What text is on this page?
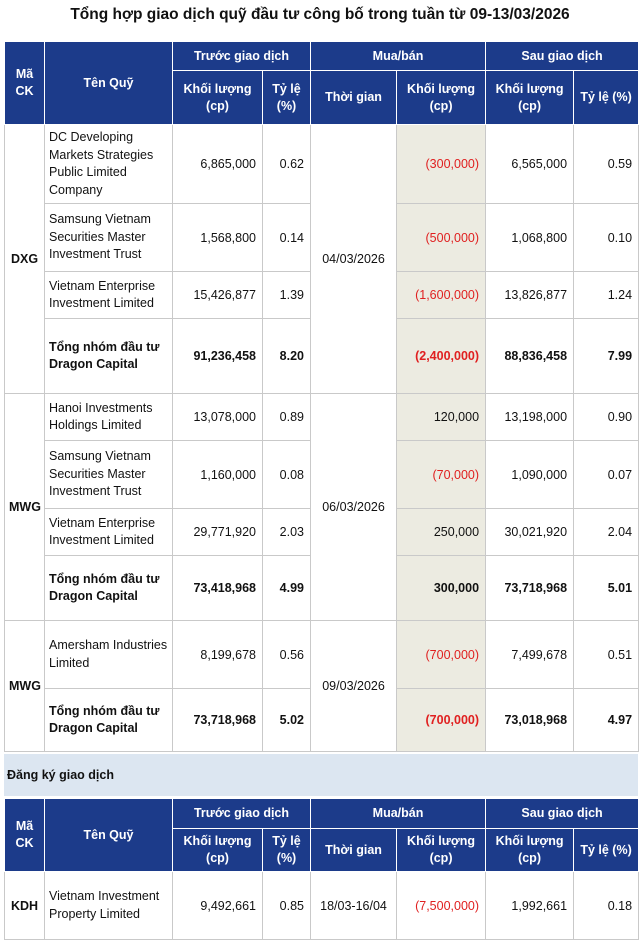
Tổng hợp giao dịch quỹ đầu tư công bố trong tuần từ 09-13/03/2026
Mã CK	Tên Quỹ	Trước giao dịch		Mua/bán		Sau giao dịch	
		Khối lượng (cp)	Tỷ lệ (%)	Thời gian	Khối lượng (cp)	Khối lượng (cp)	Tỷ lệ (%)
DXG	DC Developing Markets Strategies Public Limited Company	6,865,000	0.62	04/03/2026	(300,000)	6,565,000	0.59
	Samsung Vietnam Securities Master Investment Trust	1,568,800	0.14		(500,000)	1,068,800	0.10
	Vietnam Enterprise Investment Limited	15,426,877	1.39		(1,600,000)	13,826,877	1.24
	Tổng nhóm đầu tư Dragon Capital	91,236,458	8.20		(2,400,000)	88,836,458	7.99
MWG	Hanoi Investments Holdings Limited	13,078,000	0.89	06/03/2026	120,000	13,198,000	0.90
	Samsung Vietnam Securities Master Investment Trust	1,160,000	0.08		(70,000)	1,090,000	0.07
	Vietnam Enterprise Investment Limited	29,771,920	2.03		250,000	30,021,920	2.04
	Tổng nhóm đầu tư Dragon Capital	73,418,968	4.99		300,000	73,718,968	5.01
MWG	Amersham Industries Limited	8,199,678	0.56	09/03/2026	(700,000)	7,499,678	0.51
	Tổng nhóm đầu tư Dragon Capital	73,718,968	5.02		(700,000)	73,018,968	4.97
Đăng ký giao dịch
Mã CK	Tên Quỹ	Trước giao dịch		Mua/bán		Sau giao dịch	
		Khối lượng (cp)	Tỷ lệ (%)	Thời gian	Khối lượng (cp)	Khối lượng (cp)	Tỷ lệ (%)
KDH	Vietnam Investment Property Limited	9,492,661	0.85	18/03-16/04	(7,500,000)	1,992,661	0.18
